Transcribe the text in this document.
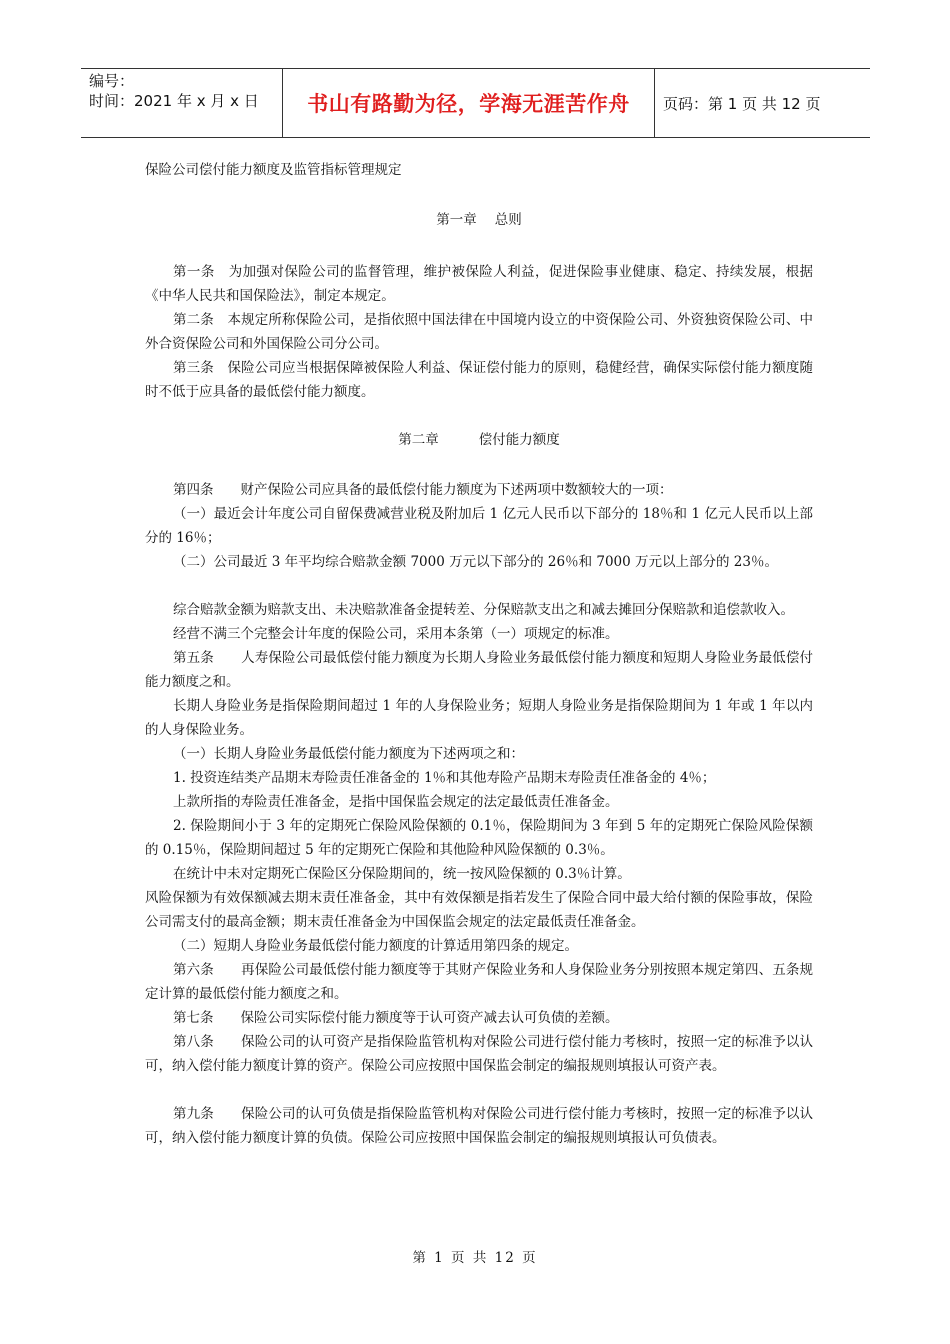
编号：
时间：2021 年 x 月 x 日	书山有路勤为径，学海无涯苦作舟 页码：第 1 页 共 12 页

保险公司偿付能力额度及监管指标管理规定

第一章 总则

第一条　为加强对保险公司的监督管理，维护被保险人利益，促进保险事业健康、稳定、持续发展，根据《中华人民共和国保险法》，制定本规定。

第二条　本规定所称保险公司，是指依照中国法律在中国境内设立的中资保险公司、外资独资保险公司、中外合资保险公司和外国保险公司分公司。

第三条　保险公司应当根据保障被保险人利益、保证偿付能力的原则，稳健经营，确保实际偿付能力额度随时不低于应具备的最低偿付能力额度。

第二章	偿付能力额度

第四条　　财产保险公司应具备的最低偿付能力额度为下述两项中数额较大的一项：

（一）最近会计年度公司自留保费减营业税及附加后 1 亿元人民币以下部分的 18％和 1 亿元人民币以上部分的 16％；

（二）公司最近 3 年平均综合赔款金额 7000 万元以下部分的 26％和 7000 万元以上部分的 23％。

综合赔款金额为赔款支出、未决赔款准备金提转差、分保赔款支出之和减去摊回分保赔款和追偿款收入。

经营不满三个完整会计年度的保险公司，采用本条第（一）项规定的标准。

第五条　　人寿保险公司最低偿付能力额度为长期人身险业务最低偿付能力额度和短期人身险业务最低偿付能力额度之和。

长期人身险业务是指保险期间超过 1 年的人身保险业务；短期人身险业务是指保险期间为 1 年或 1 年以内的人身保险业务。

（一）长期人身险业务最低偿付能力额度为下述两项之和：

1. 投资连结类产品期末寿险责任准备金的 1％和其他寿险产品期末寿险责任准备金的 4％；

上款所指的寿险责任准备金，是指中国保监会规定的法定最低责任准备金。

2. 保险期间小于 3 年的定期死亡保险风险保额的 0.1％，保险期间为 3 年到 5 年的定期死亡保险风险保额的 0.15％，保险期间超过 5 年的定期死亡保险和其他险种风险保额的 0.3％。

在统计中未对定期死亡保险区分保险期间的，统一按风险保额的 0.3％计算。

风险保额为有效保额减去期末责任准备金，其中有效保额是指若发生了保险合同中最大给付额的保险事故，保险公司需支付的最高金额；期末责任准备金为中国保监会规定的法定最低责任准备金。

（二）短期人身险业务最低偿付能力额度的计算适用第四条的规定。

第六条　　再保险公司最低偿付能力额度等于其财产保险业务和人身保险业务分别按照本规定第四、五条规定计算的最低偿付能力额度之和。

第七条　　保险公司实际偿付能力额度等于认可资产减去认可负债的差额。

第八条　　保险公司的认可资产是指保险监管机构对保险公司进行偿付能力考核时，按照一定的标准予以认可，纳入偿付能力额度计算的资产。保险公司应按照中国保监会制定的编报规则填报认可资产表。

第九条　　保险公司的认可负债是指保险监管机构对保险公司进行偿付能力考核时，按照一定的标准予以认可，纳入偿付能力额度计算的负债。保险公司应按照中国保监会制定的编报规则填报认可负债表。

第 1 页 共 12 页
